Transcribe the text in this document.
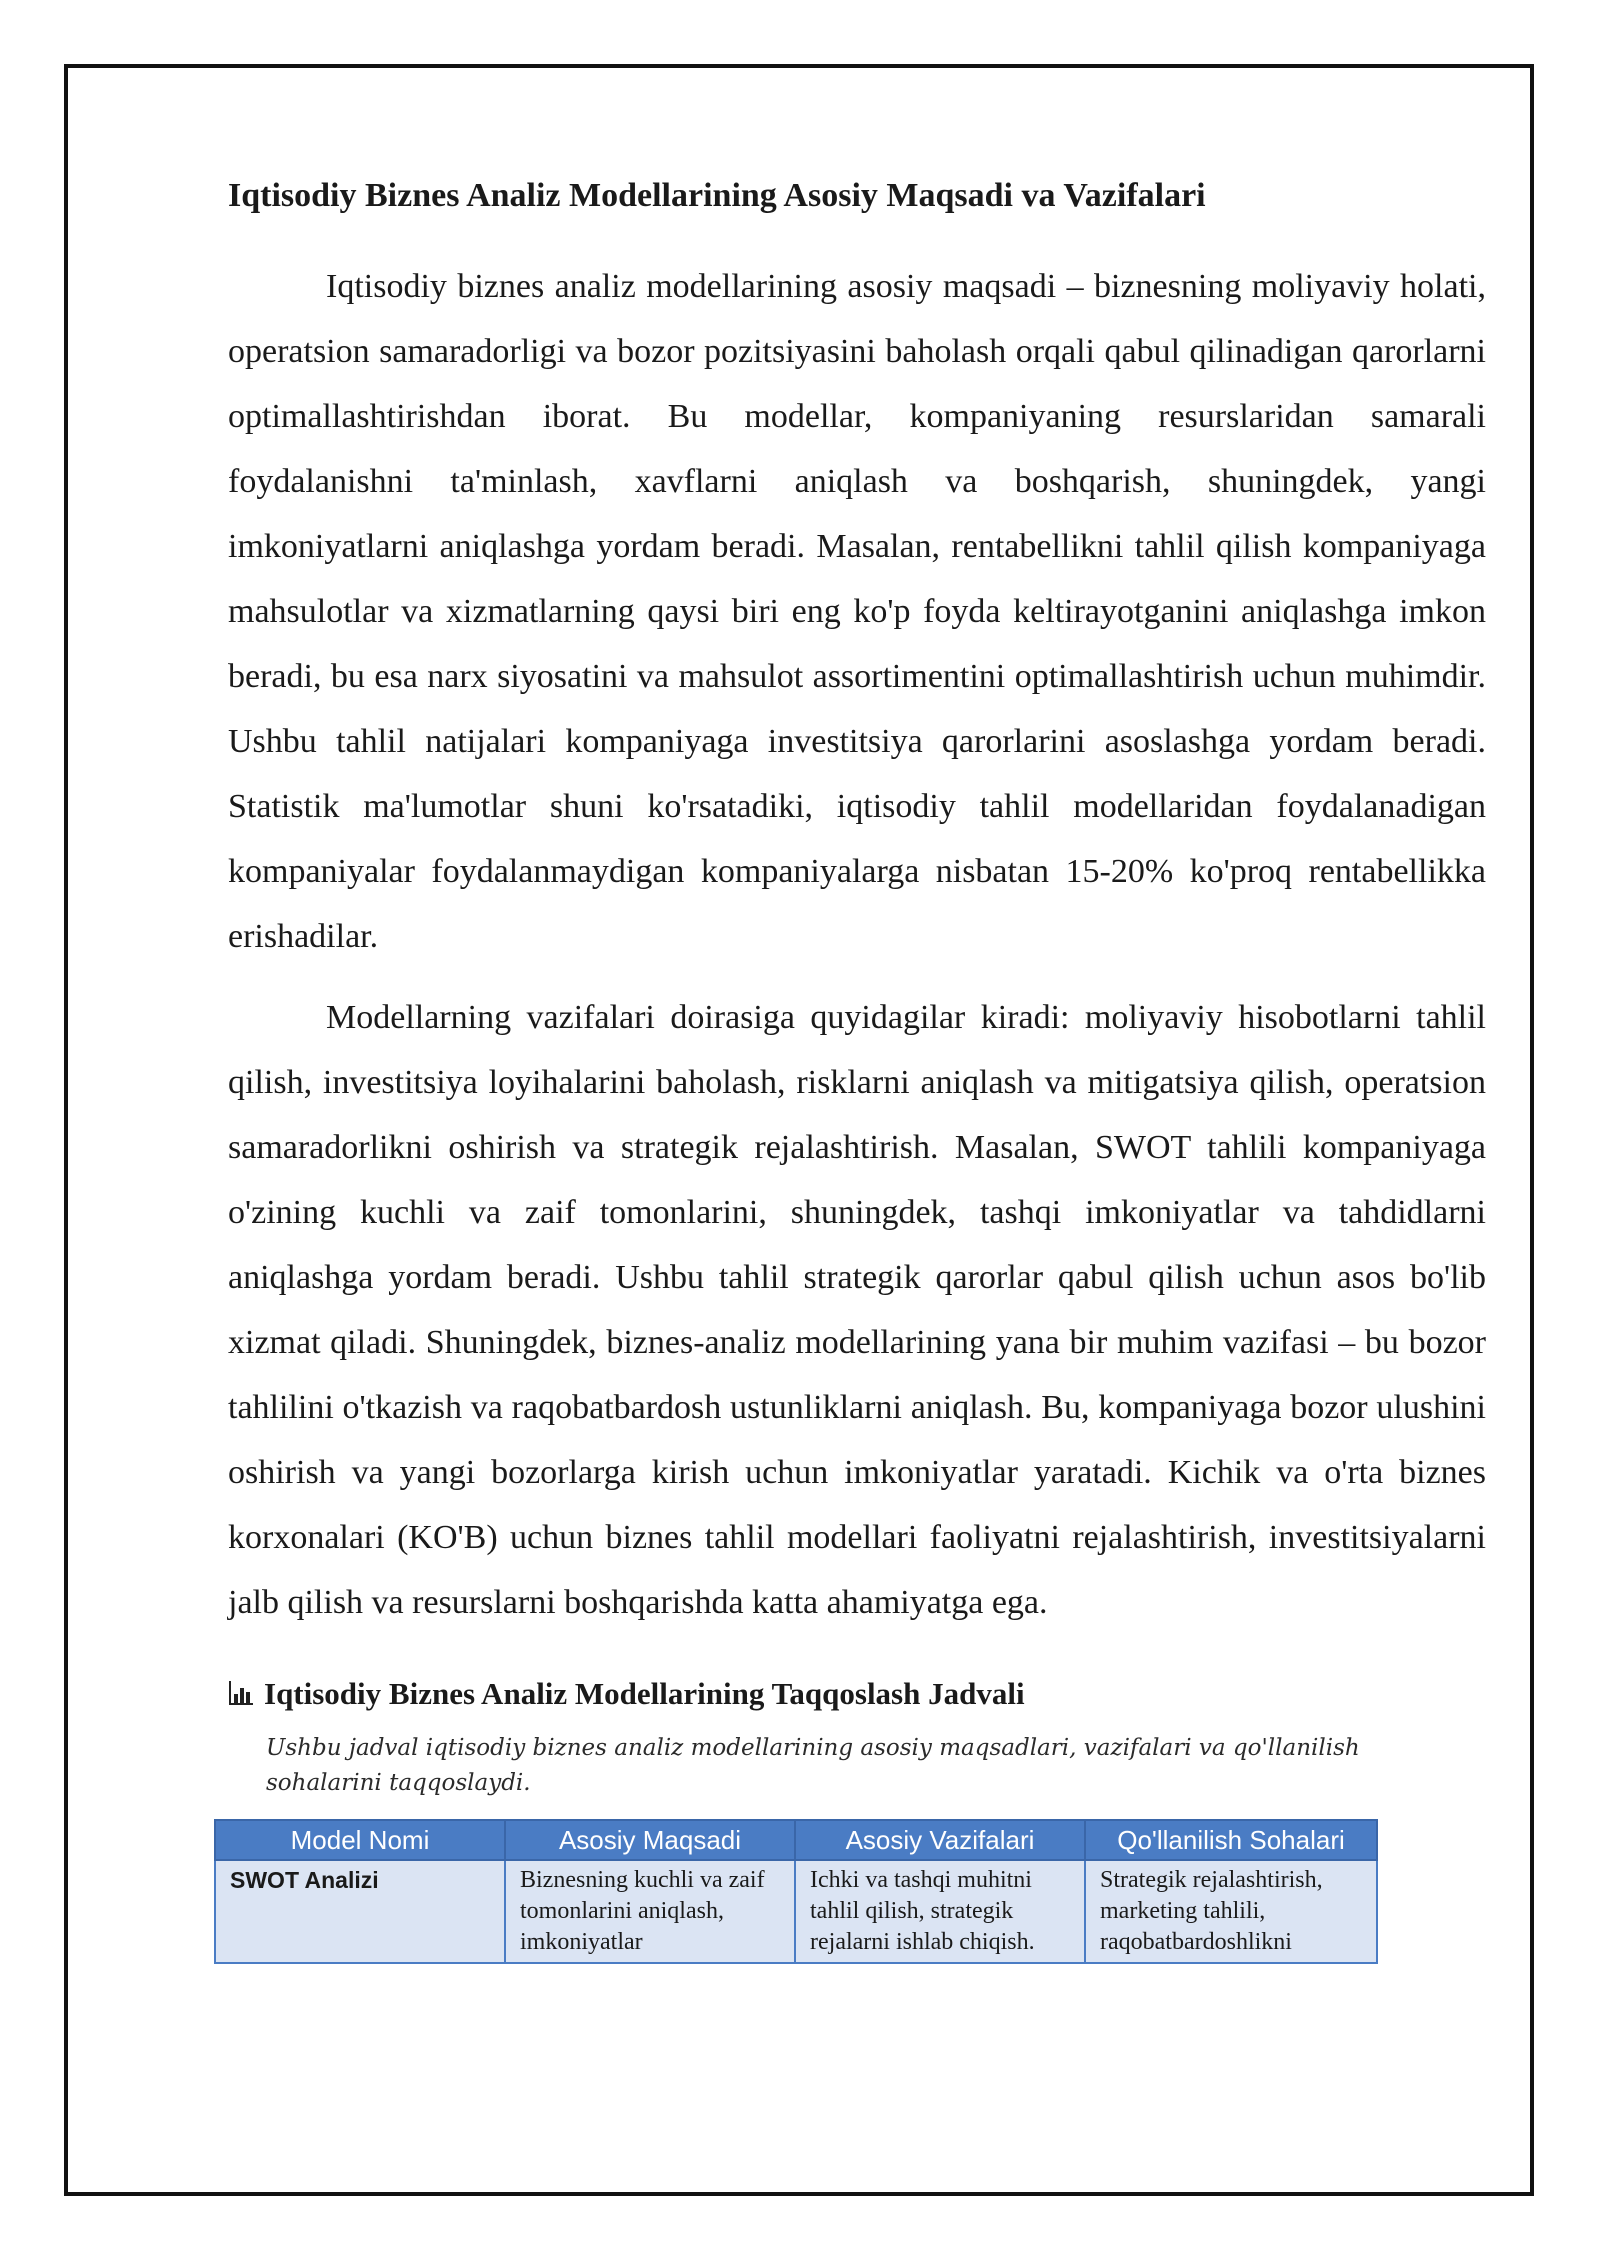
Iqtisodiy Biznes Analiz Modellarining Asosiy Maqsadi va Vazifalari

Iqtisodiy biznes analiz modellarining asosiy maqsadi – biznesning moliyaviy holati, operatsion samaradorligi va bozor pozitsiyasini baholash orqali qabul qilinadigan qarorlarni optimallashtirishdan iborat. Bu modellar, kompaniyaning resurslaridan samarali foydalanishni ta'minlash, xavflarni aniqlash va boshqarish, shuningdek, yangi imkoniyatlarni aniqlashga yordam beradi. Masalan, rentabellikni tahlil qilish kompaniyaga mahsulotlar va xizmatlarning qaysi biri eng ko'p foyda keltirayotganini aniqlashga imkon beradi, bu esa narx siyosatini va mahsulot assortimentini optimallashtirish uchun muhimdir. Ushbu tahlil natijalari kompaniyaga investitsiya qarorlarini asoslashga yordam beradi. Statistik ma'lumotlar shuni ko'rsatadiki, iqtisodiy tahlil modellaridan foydalanadigan kompaniyalar foydalanmaydigan kompaniyalarga nisbatan 15-20% ko'proq rentabellikka erishadilar.

Modellarning vazifalari doirasiga quyidagilar kiradi: moliyaviy hisobotlarni tahlil qilish, investitsiya loyihalarini baholash, risklarni aniqlash va mitigatsiya qilish, operatsion samaradorlikni oshirish va strategik rejalashtirish. Masalan, SWOT tahlili kompaniyaga o'zining kuchli va zaif tomonlarini, shuningdek, tashqi imkoniyatlar va tahdidlarni aniqlashga yordam beradi. Ushbu tahlil strategik qarorlar qabul qilish uchun asos bo'lib xizmat qiladi. Shuningdek, biznes-analiz modellarining yana bir muhim vazifasi – bu bozor tahlilini o'tkazish va raqobatbardosh ustunliklarni aniqlash. Bu, kompaniyaga bozor ulushini oshirish va yangi bozorlarga kirish uchun imkoniyatlar yaratadi. Kichik va o'rta biznes korxonalari (KO'B) uchun biznes tahlil modellari faoliyatni rejalashtirish, investitsiyalarni jalb qilish va resurslarni boshqarishda katta ahamiyatga ega.

Iqtisodiy Biznes Analiz Modellarining Taqqoslash Jadvali
Ushbu jadval iqtisodiy biznes analiz modellarining asosiy maqsadlari, vazifalari va qo'llanilish sohalarini taqqoslaydi.
Model Nomi	Asosiy Maqsadi	Asosiy Vazifalari	Qo'llanilish Sohalari

SWOT Analizi	Biznesning kuchli va zaif tomonlarini aniqlash, imkoniyatlar	Ichki va tashqi muhitni tahlil qilish, strategik rejalarni ishlab chiqish.	Strategik rejalashtirish, marketing tahlili, raqobatbardoshlikni
